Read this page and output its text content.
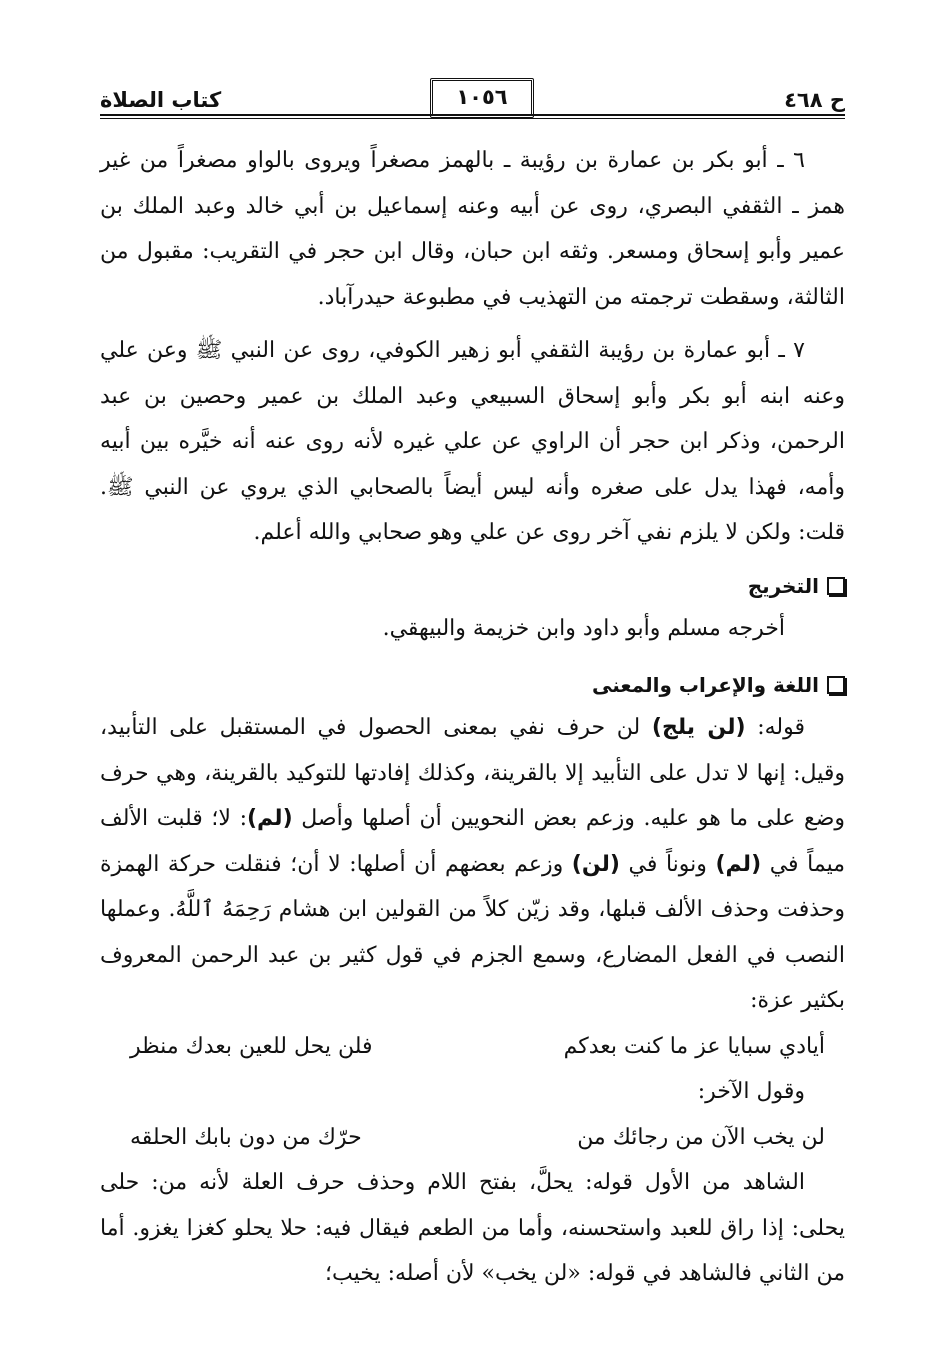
ح ٤٦٨
١٠٥٦
كتاب الصلاة

٦ ـ أبو بكر بن عمارة بن رؤيبة ـ بالهمز مصغراً ويروى بالواو مصغراً من غير همز ـ الثقفي البصري، روى عن أبيه وعنه إسماعيل بن أبي خالد وعبد الملك بن عمير وأبو إسحاق ومسعر. وثقه ابن حبان، وقال ابن حجر في التقريب: مقبول من الثالثة، وسقطت ترجمته من التهذيب في مطبوعة حيدرآباد.

٧ ـ أبو عمارة بن رؤيبة الثقفي أبو زهير الكوفي، روى عن النبي ﷺ وعن علي وعنه ابنه أبو بكر وأبو إسحاق السبيعي وعبد الملك بن عمير وحصين بن عبد الرحمن، وذكر ابن حجر أن الراوي عن علي غيره لأنه روى عنه أنه خيَّره بين أبيه وأمه، فهذا يدل على صغره وأنه ليس أيضاً بالصحابي الذي يروي عن النبي ﷺ. قلت: ولكن لا يلزم نفي آخر روى عن علي وهو صحابي والله أعلم.

التخريج

أخرجه مسلم وأبو داود وابن خزيمة والبيهقي.

اللغة والإعراب والمعنى

قوله: (لن يلج) لن حرف نفي بمعنى الحصول في المستقبل على التأبيد، وقيل: إنها لا تدل على التأبيد إلا بالقرينة، وكذلك إفادتها للتوكيد بالقرينة، وهي حرف وضع على ما هو عليه. وزعم بعض النحويين أن أصلها وأصل (لم): لا؛ قلبت الألف ميماً في (لم) ونوناً في (لن) وزعم بعضهم أن أصلها: لا أن؛ فنقلت حركة الهمزة وحذفت وحذف الألف قبلها، وقد زيّن كلاً من القولين ابن هشام رَحِمَهُ ٱللَّهُ. وعملها النصب في الفعل المضارع، وسمع الجزم في قول كثير بن عبد الرحمن المعروف بكثير عزة:

أيادي سبايا عز ما كنت بعدكم
فلن يحل للعين بعدك منظر

وقول الآخر:

لن يخب الآن من رجائك من
حرّك من دون بابك الحلقه

الشاهد من الأول قوله: يحلَّ، بفتح اللام وحذف حرف العلة لأنه من: حلى يحلى: إذا راق للعبد واستحسنه، وأما من الطعم فيقال فيه: حلا يحلو كغزا يغزو. أما من الثاني فالشاهد في قوله: «لن يخب» لأن أصله: يخيب؛
